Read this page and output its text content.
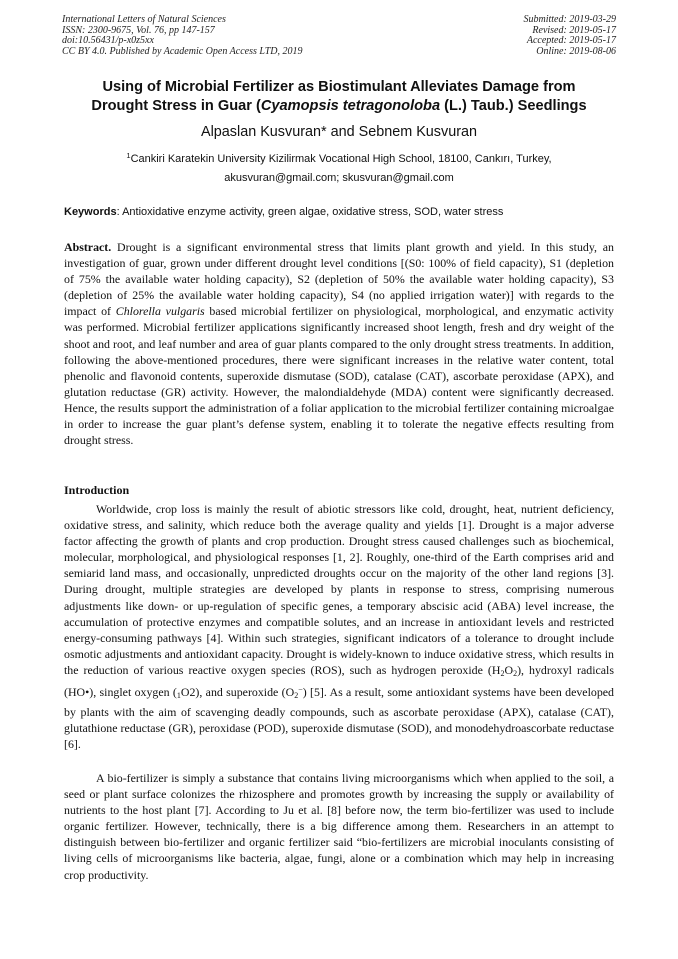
International Letters of Natural Sciences
ISSN: 2300-9675, Vol. 76, pp 147-157
doi:10.56431/p-x0z5xx
CC BY 4.0. Published by Academic Open Access LTD, 2019
Submitted: 2019-03-29
Revised: 2019-05-17
Accepted: 2019-05-17
Online: 2019-08-06
Using of Microbial Fertilizer as Biostimulant Alleviates Damage from
Drought Stress in Guar (Cyamopsis tetragonoloba (L.) Taub.) Seedlings
Alpaslan Kusvuran* and Sebnem Kusvuran
$^1$Cankiri Karatekin University Kizilirmak Vocational High School, 18100, Cankırı, Turkey,
akusvuran@gmail.com; skusvuran@gmail.com
Keywords: Antioxidative enzyme activity, green algae, oxidative stress, SOD, water stress
Abstract. Drought is a significant environmental stress that limits plant growth and yield. In this study, an investigation of guar, grown under different drought level conditions [(S0: 100% of field capacity), S1 (depletion of 75% the available water holding capacity), S2 (depletion of 50% the available water holding capacity), S3 (depletion of 25% the available water holding capacity), S4 (no applied irrigation water)] with regards to the impact of Chlorella vulgaris based microbial fertilizer on physiological, morphological, and enzymatic activity was performed. Microbial fertilizer applications significantly increased shoot length, fresh and dry weight of the shoot and root, and leaf number and area of guar plants compared to the only drought stress treatments. In addition, following the above-mentioned procedures, there were significant increases in the relative water content, total phenolic and flavonoid contents, superoxide dismutase (SOD), catalase (CAT), ascorbate peroxidase (APX), and glutation reductase (GR) activity. However, the malondialdehyde (MDA) content were significantly decreased. Hence, the results support the administration of a foliar application to the microbial fertilizer containing microalgae in order to increase the guar plant’s defense system, enabling it to tolerate the negative effects resulting from drought stress.
Introduction
Worldwide, crop loss is mainly the result of abiotic stressors like cold, drought, heat, nutrient deficiency, oxidative stress, and salinity, which reduce both the average quality and yields [1]. Drought is a major adverse factor affecting the growth of plants and crop production. Drought stress caused challenges such as biochemical, molecular, morphological, and physiological responses [1, 2]. Roughly, one-third of the Earth comprises arid and semiarid land mass, and occasionally, unpredicted droughts occur on the majority of the other land regions [3]. During drought, multiple strategies are developed by plants in response to stress, comprising numerous adjustments like down- or up-regulation of specific genes, a temporary abscisic acid (ABA) level increase, the accumulation of protective enzymes and compatible solutes, and an increase in antioxidant levels and restricted energy-consuming pathways [4]. Within such strategies, significant indicators of a tolerance to drought include osmotic adjustments and antioxidant capacity. Drought is widely-known to induce oxidative stress, which results in the reduction of various reactive oxygen species (ROS), such as hydrogen peroxide $(H_2O_2)$, hydroxyl radicals (HO•), singlet oxygen $(_1O2)$, and superoxide $(O_2^-)$ [5]. As a result, some antioxidant systems have been developed by plants with the aim of scavenging deadly compounds, such as ascorbate peroxidase (APX), catalase (CAT), glutathione reductase (GR), peroxidase (POD), superoxide dismutase (SOD), and monodehydroascorbate reductase [6].
A bio-fertilizer is simply a substance that contains living microorganisms which when applied to the soil, a seed or plant surface colonizes the rhizosphere and promotes growth by increasing the supply or availability of nutrients to the host plant [7]. According to Ju et al. [8] before now, the term bio-fertilizer was used to include organic fertilizer. However, technically, there is a big difference among them. Researchers in an attempt to distinguish between bio-fertilizer and organic fertilizer said “bio-fertilizers are microbial inoculants consisting of living cells of microorganisms like bacteria, algae, fungi, alone or a combination which may help in increasing crop productivity.
